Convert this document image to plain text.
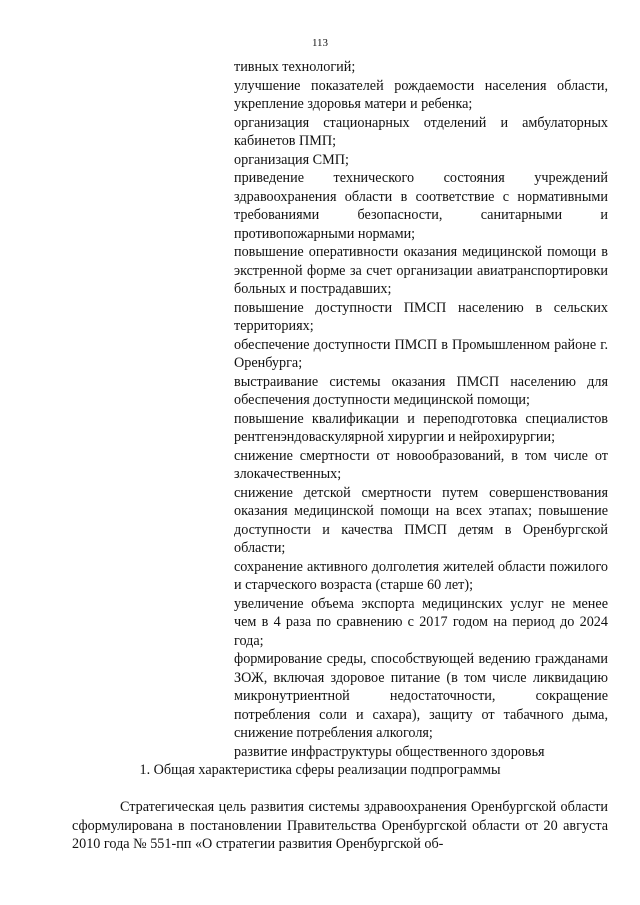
113

тивных технологий;

улучшение показателей рождаемости населения области, укрепление здоровья матери и ребенка;

организация стационарных отделений и амбулаторных кабинетов ПМП;

организация СМП;

приведение технического состояния учреждений здравоохранения области в соответствие с нормативными требованиями безопасности, санитарными и противопожарными нормами;

повышение оперативности оказания медицинской помощи в экстренной форме за счет организации авиатранспортировки больных и пострадавших;

повышение доступности ПМСП населению в сельских территориях;

обеспечение доступности ПМСП в Промышленном районе г. Оренбурга;

выстраивание системы оказания ПМСП населению для обеспечения доступности медицинской помощи;

повышение квалификации и переподготовка специалистов рентгенэндоваскулярной хирургии и нейрохирургии;

снижение смертности от новообразований, в том числе от злокачественных;

снижение детской смертности путем совершенствования оказания медицинской помощи на всех этапах; повышение доступности и качества ПМСП детям в Оренбургской области;

сохранение активного долголетия жителей области пожилого и старческого возраста (старше 60 лет);

увеличение объема экспорта медицинских услуг не менее чем в 4 раза по сравнению с 2017 годом на период до 2024 года;

формирование среды, способствующей ведению гражданами ЗОЖ, включая здоровое питание (в том числе ликвидацию микронутриентной недостаточности, сокращение потребления соли и сахара), защиту от табачного дыма, снижение потребления алкоголя;

развитие инфраструктуры общественного здоровья

1. Общая характеристика сферы реализации подпрограммы

Стратегическая цель развития системы здравоохранения Оренбургской области сформулирована в постановлении Правительства Оренбургской области от 20 августа 2010 года № 551-пп «О стратегии развития Оренбургской об-
